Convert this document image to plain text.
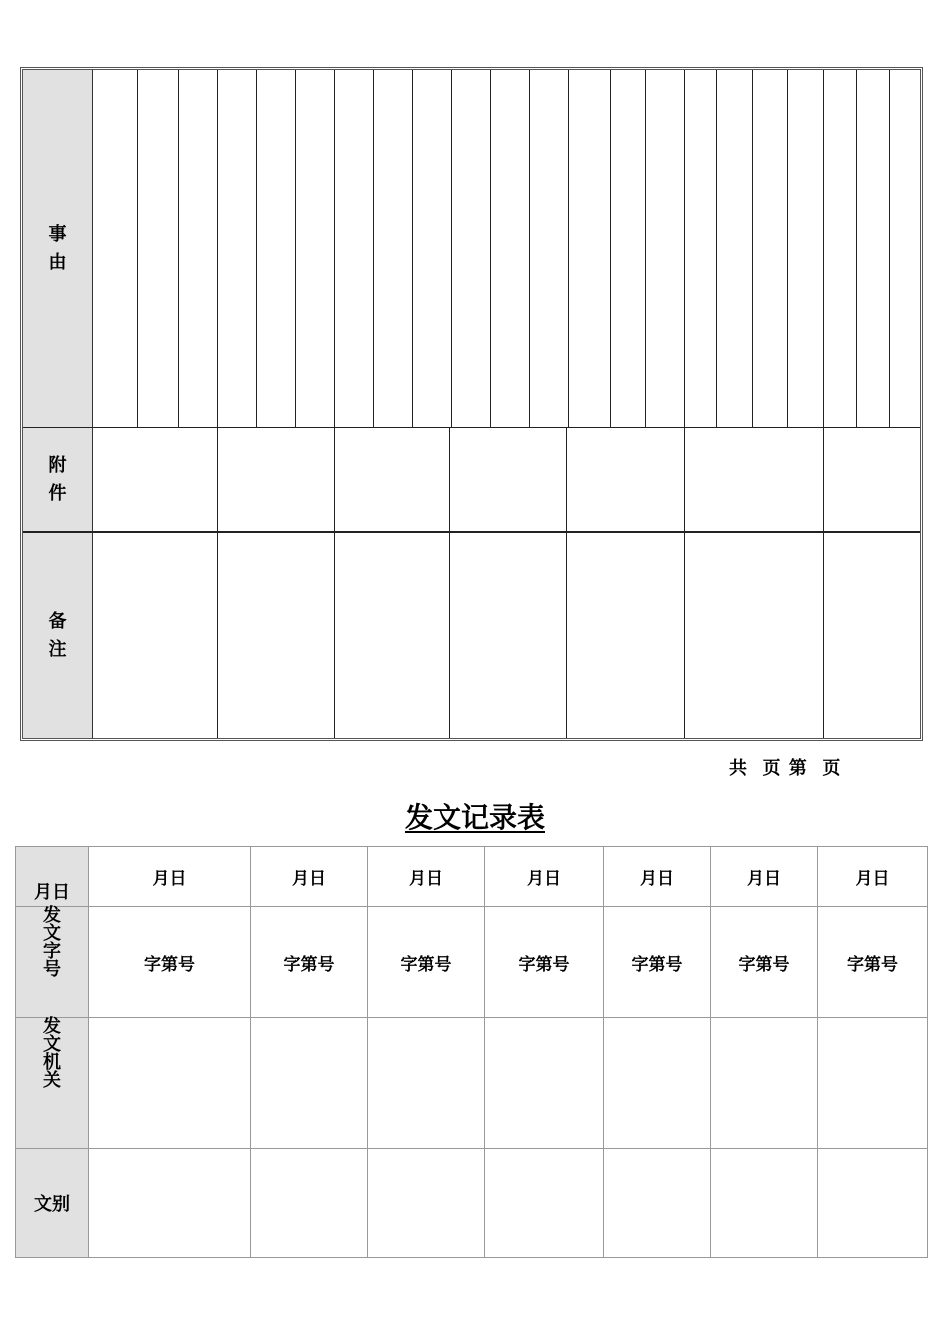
事
由
附
件
备
注
共  页 第  页
发文记录表
月日	月日	月日	月日	月日	月日	月日	月日

发
文
字
号	字第号	字第号	字第号	字第号	字第号	字第号	字第号

发
文
机
关							

文别							
